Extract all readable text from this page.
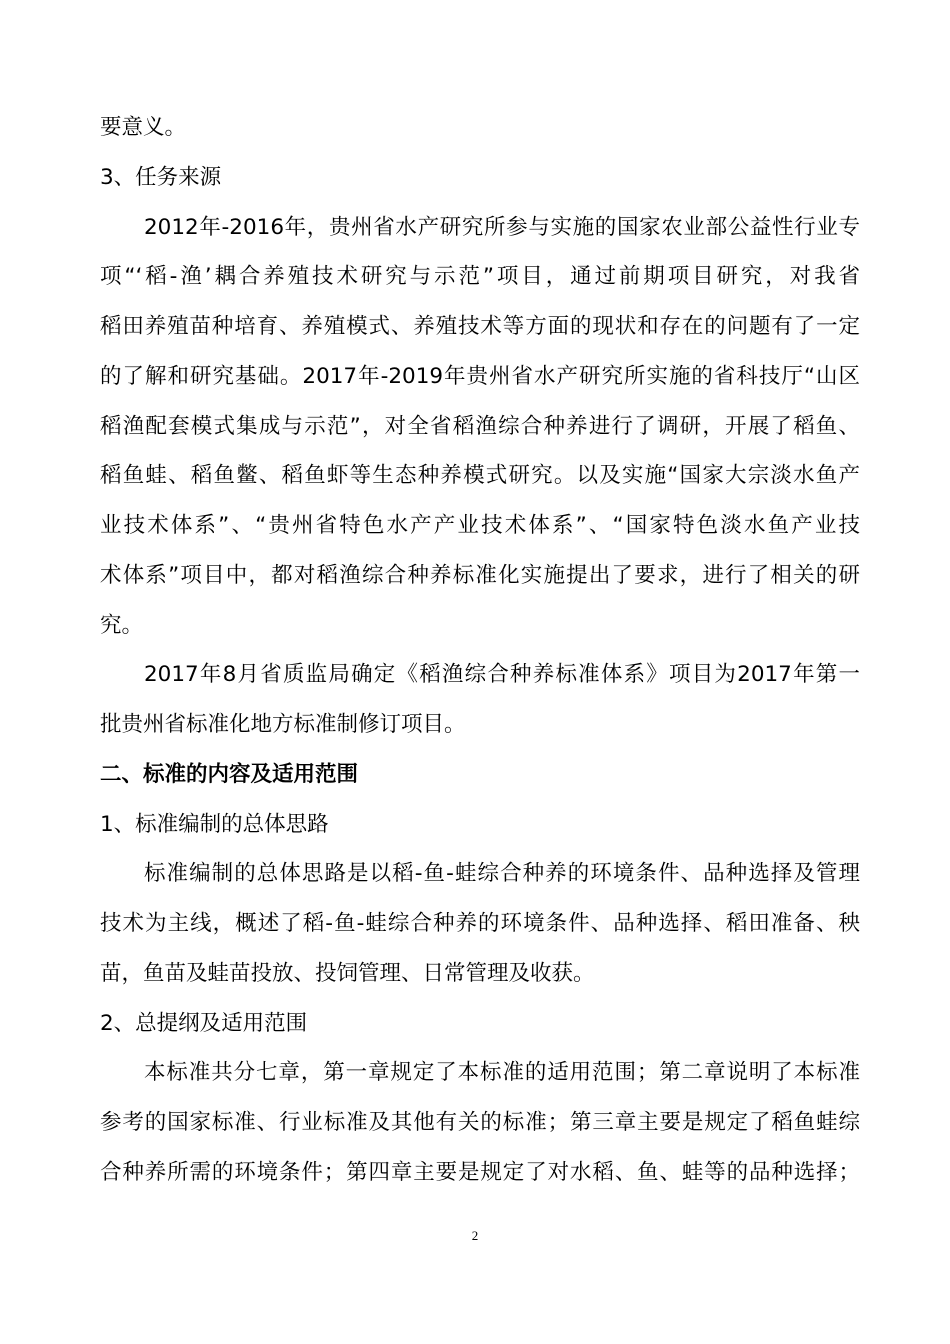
要意义。
3、任务来源
2012年-2016年，贵州省水产研究所参与实施的国家农业部公益性行业专
项“‘稻-渔’耦合养殖技术研究与示范”项目，通过前期项目研究，对我省
稻田养殖苗种培育、养殖模式、养殖技术等方面的现状和存在的问题有了一定
的了解和研究基础。2017年-2019年贵州省水产研究所实施的省科技厅“山区
稻渔配套模式集成与示范”，对全省稻渔综合种养进行了调研，开展了稻鱼、
稻鱼蛙、稻鱼鳖、稻鱼虾等生态种养模式研究。以及实施“国家大宗淡水鱼产
业技术体系”、“贵州省特色水产产业技术体系”、“国家特色淡水鱼产业技
术体系”项目中，都对稻渔综合种养标准化实施提出了要求，进行了相关的研
究。
2017年8月省质监局确定《稻渔综合种养标准体系》项目为2017年第一
批贵州省标准化地方标准制修订项目。
二、标准的内容及适用范围
1、标准编制的总体思路
标准编制的总体思路是以稻-鱼-蛙综合种养的环境条件、品种选择及管理
技术为主线，概述了稻-鱼-蛙综合种养的环境条件、品种选择、稻田准备、秧
苗，鱼苗及蛙苗投放、投饲管理、日常管理及收获。
2、总提纲及适用范围
本标准共分七章，第一章规定了本标准的适用范围；第二章说明了本标准
参考的国家标准、行业标准及其他有关的标准；第三章主要是规定了稻鱼蛙综
合种养所需的环境条件；第四章主要是规定了对水稻、鱼、蛙等的品种选择；
2
